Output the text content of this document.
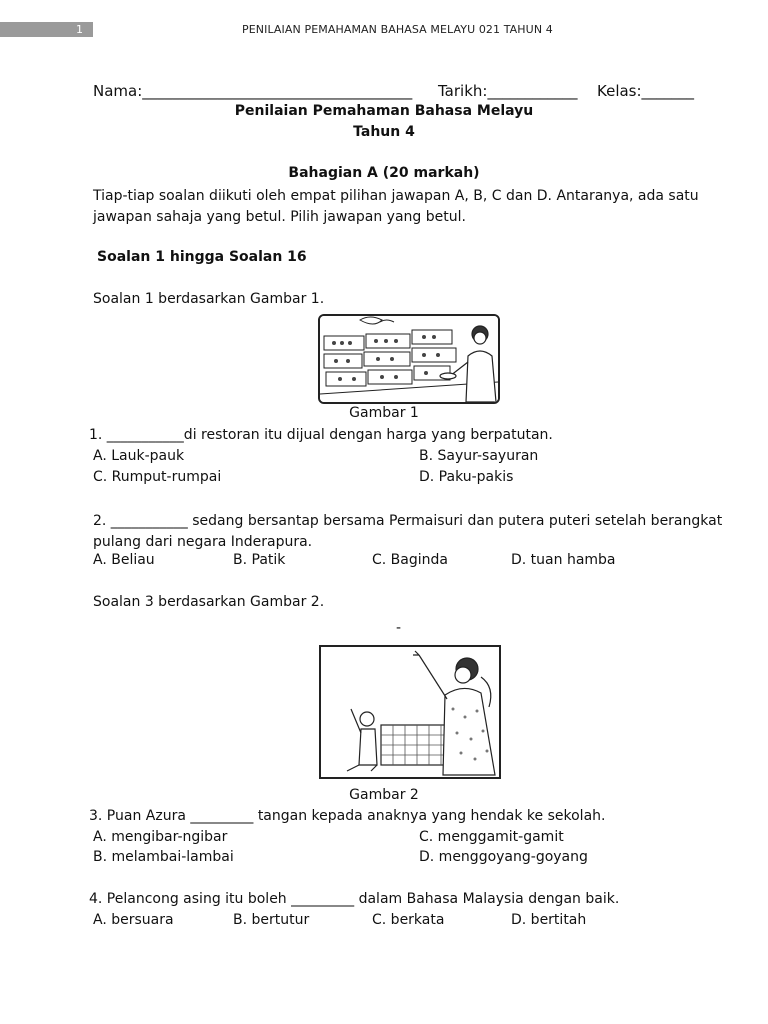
1	PENILAIAN PEMAHAMAN BAHASA MELAYU 021 TAHUN 4
Nama:____________________________________ Tarikh:____________ Kelas:_______
Penilaian Pemahaman Bahasa Melayu
Tahun 4
Bahagian A (20 markah)
Tiap-tiap soalan diikuti oleh empat pilihan jawapan A, B, C dan D. Antaranya, ada satu jawapan sahaja yang betul. Pilih jawapan yang betul.
Soalan 1 hingga Soalan 16
Soalan 1 berdasarkan Gambar 1.
Gambar 1
1. ___________di restoran itu dijual dengan harga yang berpatutan.
A. Lauk-pauk	B. Sayur-sayuran
C. Rumput-rumpai	D. Paku-pakis
2. ___________ sedang bersantap bersama Permaisuri dan putera puteri setelah berangkat pulang dari negara Inderapura.
A. Beliau	B. Patik	C. Baginda	D. tuan hamba
Soalan 3 berdasarkan Gambar 2.
-
Gambar 2
3. Puan Azura _________ tangan kepada anaknya yang hendak ke sekolah.
A. mengibar-ngibar	C. menggamit-gamit
B. melambai-lambai	D. menggoyang-goyang
4. Pelancong asing itu boleh _________ dalam Bahasa Malaysia dengan baik.
A. bersuara	B. bertutur	C. berkata	D. bertitah
